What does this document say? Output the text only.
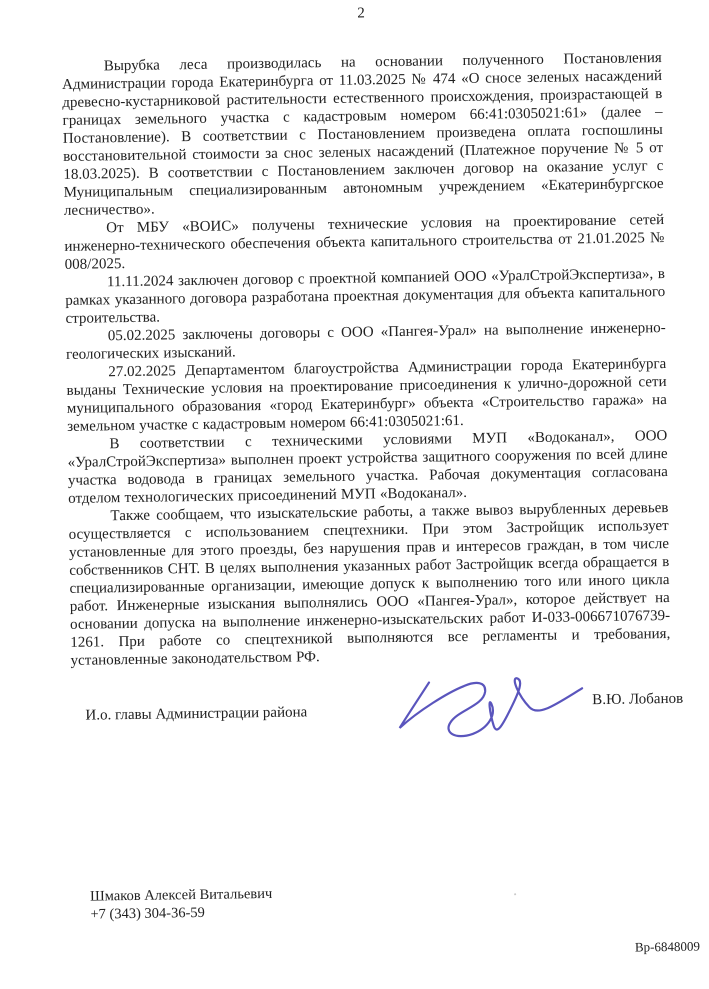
2

Вырубка леса производилась на основании полученного Постановления Администрации города Екатеринбурга от 11.03.2025 № 474 «О сносе зеленых насаждений древесно-кустарниковой растительности естественного происхождения, произрастающей в границах земельного участка с кадастровым номером 66:41:0305021:61» (далее – Постановление). В соответствии с Постановлением произведена оплата госпошлины восстановительной стоимости за снос зеленых насаждений (Платежное поручение № 5 от 18.03.2025). В соответствии с Постановлением заключен договор на оказание услуг с Муниципальным специализированным автономным учреждением «Екатеринбургское лесничество».

От МБУ «ВОИС» получены технические условия на проектирование сетей инженерно-технического обеспечения объекта капитального строительства от 21.01.2025 № 008/2025.

11.11.2024 заключен договор с проектной компанией ООО «УралСтройЭкспертиза», в рамках указанного договора разработана проектная документация для объекта капитального строительства.

05.02.2025 заключены договоры с ООО «Пангея-Урал» на выполнение инженерно-геологических изысканий.

27.02.2025 Департаментом благоустройства Администрации города Екатеринбурга выданы Технические условия на проектирование присоединения к улично-дорожной сети муниципального образования «город Екатеринбург» объекта «Строительство гаража» на земельном участке с кадастровым номером 66:41:0305021:61.

В соответствии с техническими условиями МУП «Водоканал», ООО «УралСтройЭкспертиза» выполнен проект устройства защитного сооружения по всей длине участка водовода в границах земельного участка. Рабочая документация согласована отделом технологических присоединений МУП «Водоканал».

Также сообщаем, что изыскательские работы, а также вывоз вырубленных деревьев осуществляется с использованием спецтехники. При этом Застройщик использует установленные для этого проезды, без нарушения прав и интересов граждан, в том числе собственников СНТ. В целях выполнения указанных работ Застройщик всегда обращается в специализированные организации, имеющие допуск к выполнению того или иного цикла работ. Инженерные изыскания выполнялись ООО «Пангея-Урал», которое действует на основании допуска на выполнение инженерно-изыскательских работ И-033-006671076739-1261. При работе со спецтехникой выполняются все регламенты и требования, установленные законодательством РФ.

И.о. главы Администрации района
В.Ю. Лобанов
Шмаков Алексей Витальевич
+7 (343) 304-36-59
Вр-6848009
